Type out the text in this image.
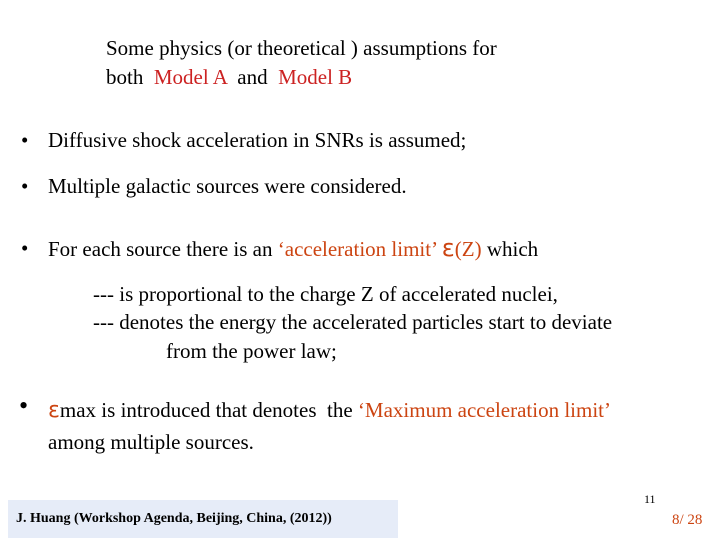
Some physics (or theoretical ) assumptions for
both  Model A  and  Model B
• Diffusive shock acceleration in SNRs is assumed;
• Multiple galactic sources were considered.
• For each source there is an ‘acceleration limit’ ε(Z) which
--- is proportional to the charge Z of accelerated nuclei,
--- denotes the energy the accelerated particles start to deviate
from the power law;
• εmax is introduced that denotes  the ‘Maximum acceleration limit’
among multiple sources.
J. Huang (Workshop Agenda, Beijing, China, (2012))
11
8/ 28
